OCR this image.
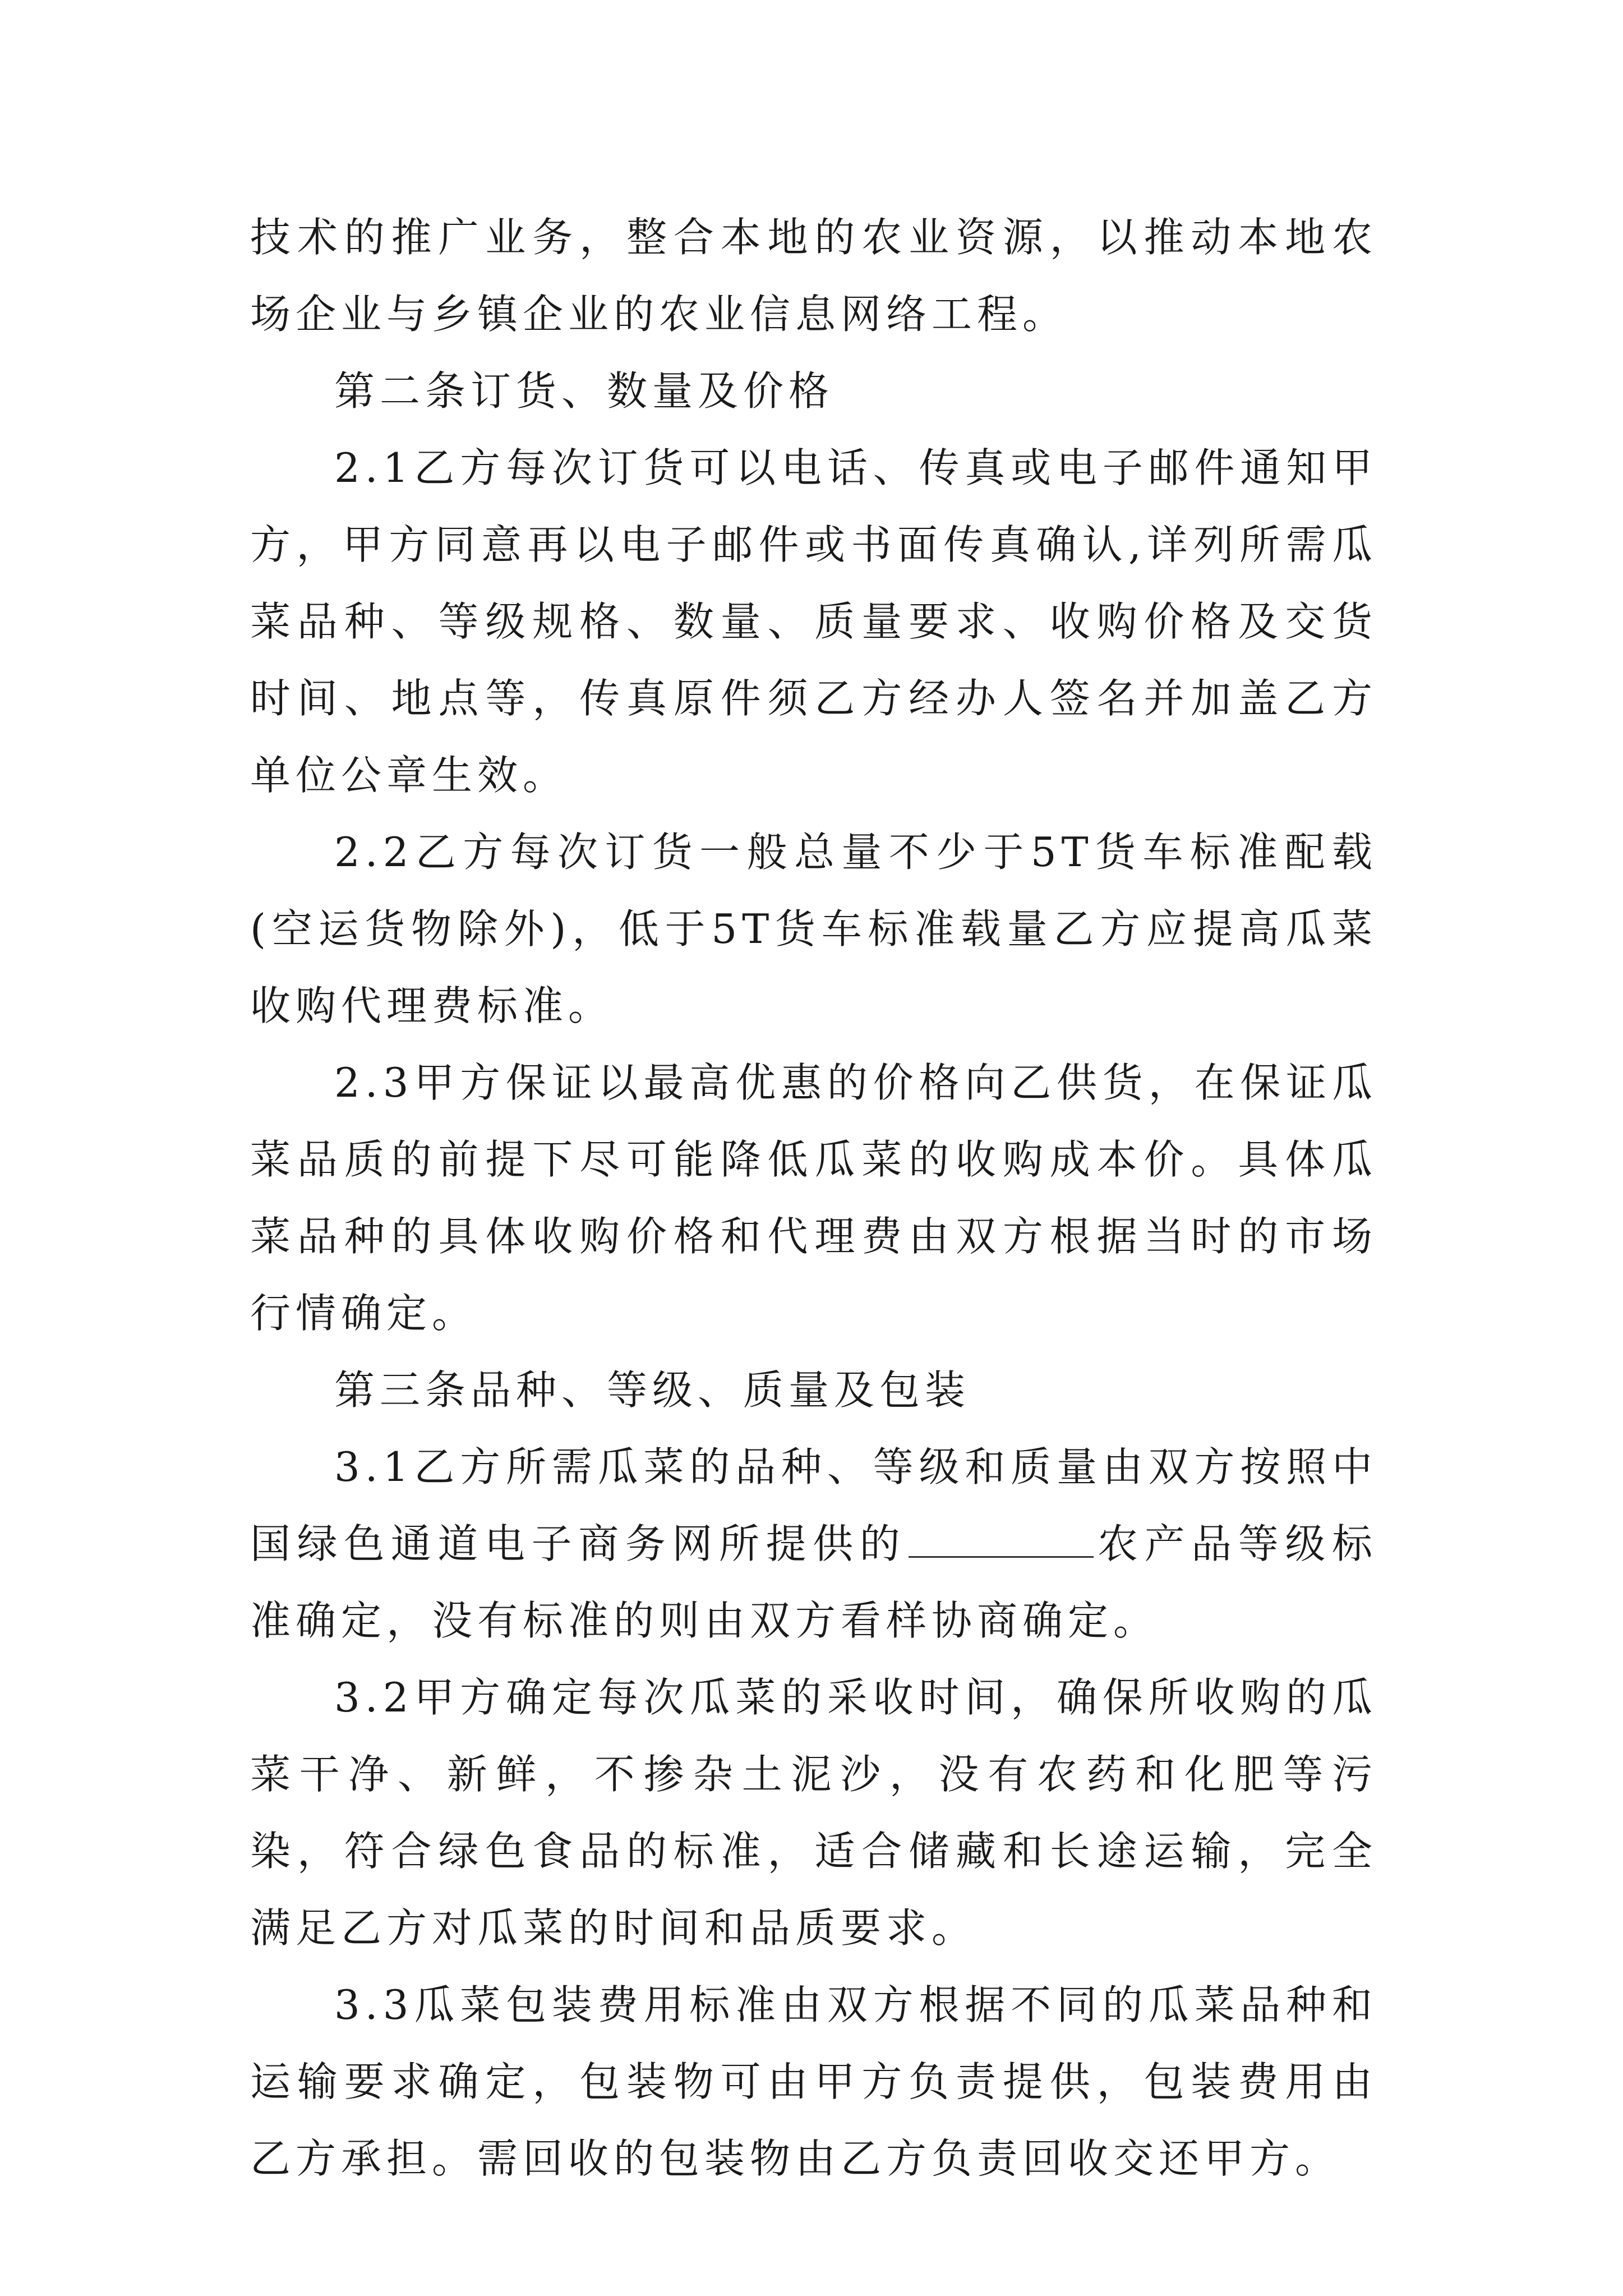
技术的推广业务，整合本地的农业资源，以推动本地农场企业与乡镇企业的农业信息网络工程。

第二条订货、数量及价格

2.1乙方每次订货可以电话、传真或电子邮件通知甲方，甲方同意再以电子邮件或书面传真确认,详列所需瓜菜品种、等级规格、数量、质量要求、收购价格及交货时间、地点等，传真原件须乙方经办人签名并加盖乙方单位公章生效。

2.2乙方每次订货一般总量不少于5T货车标准配载(空运货物除外)，低于5T货车标准载量乙方应提高瓜菜收购代理费标准。

2.3甲方保证以最高优惠的价格向乙供货，在保证瓜菜品质的前提下尽可能降低瓜菜的收购成本价。具体瓜菜品种的具体收购价格和代理费由双方根据当时的市场行情确定。

第三条品种、等级、质量及包装

3.1乙方所需瓜菜的品种、等级和质量由双方按照中国绿色通道电子商务网所提供的	农产品等级标准确定，没有标准的则由双方看样协商确定。

3.2甲方确定每次瓜菜的采收时间，确保所收购的瓜菜干净、新鲜，不掺杂土泥沙，没有农药和化肥等污染，符合绿色食品的标准，适合储藏和长途运输，完全满足乙方对瓜菜的时间和品质要求。

3.3瓜菜包装费用标准由双方根据不同的瓜菜品种和运输要求确定，包装物可由甲方负责提供，包装费用由乙方承担。需回收的包装物由乙方负责回收交还甲方。
